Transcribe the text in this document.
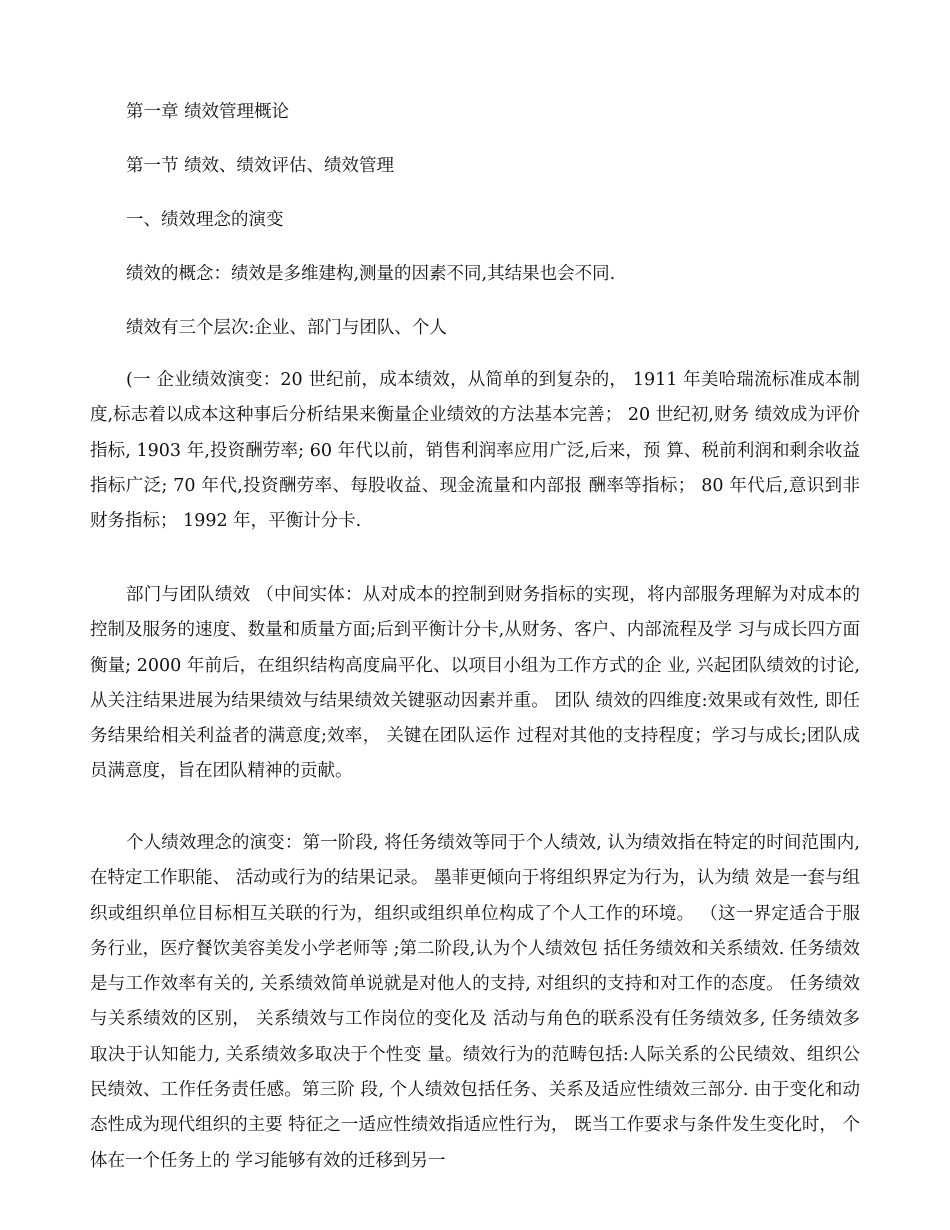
第一章 绩效管理概论

第一节 绩效、绩效评估、绩效管理

一、绩效理念的演变

绩效的概念：绩效是多维建构,测量的因素不同,其结果也会不同.

绩效有三个层次:企业、部门与团队、个人

(一 企业绩效演变：20 世纪前，成本绩效，从简单的到复杂的， 1911 年美哈瑞流标准成本制度,标志着以成本这种事后分析结果来衡量企业绩效的方法基本完善； 20 世纪初,财务 绩效成为评价指标, 1903 年,投资酬劳率; 60 年代以前，销售利润率应用广泛,后来，预 算、税前利润和剩余收益指标广泛; 70 年代,投资酬劳率、每股收益、现金流量和内部报 酬率等指标； 80 年代后,意识到非财务指标； 1992 年，平衡计分卡.

部门与团队绩效 （中间实体：从对成本的控制到财务指标的实现，将内部服务理解为对成本的控制及服务的速度、数量和质量方面;后到平衡计分卡,从财务、客户、内部流程及学 习与成长四方面衡量; 2000 年前后，在组织结构高度扁平化、以项目小组为工作方式的企 业, 兴起团队绩效的讨论, 从关注结果进展为结果绩效与结果绩效关键驱动因素并重。 团队 绩效的四维度:效果或有效性, 即任务结果给相关利益者的满意度;效率， 关键在团队运作 过程对其他的支持程度；学习与成长;团队成员满意度，旨在团队精神的贡献。

个人绩效理念的演变：第一阶段, 将任务绩效等同于个人绩效, 认为绩效指在特定的时间范围内, 在特定工作职能、 活动或行为的结果记录。 墨菲更倾向于将组织界定为行为，认为绩 效是一套与组织或组织单位目标相互关联的行为，组织或组织单位构成了个人工作的环境。 （这一界定适合于服务行业，医疗餐饮美容美发小学老师等 ;第二阶段,认为个人绩效包 括任务绩效和关系绩效. 任务绩效是与工作效率有关的, 关系绩效简单说就是对他人的支持, 对组织的支持和对工作的态度。 任务绩效与关系绩效的区别， 关系绩效与工作岗位的变化及 活动与角色的联系没有任务绩效多, 任务绩效多取决于认知能力, 关系绩效多取决于个性变 量。绩效行为的范畴包括:人际关系的公民绩效、组织公民绩效、工作任务责任感。第三阶 段, 个人绩效包括任务、关系及适应性绩效三部分. 由于变化和动态性成为现代组织的主要 特征之一适应性绩效指适应性行为， 既当工作要求与条件发生变化时， 个体在一个任务上的 学习能够有效的迁移到另一
